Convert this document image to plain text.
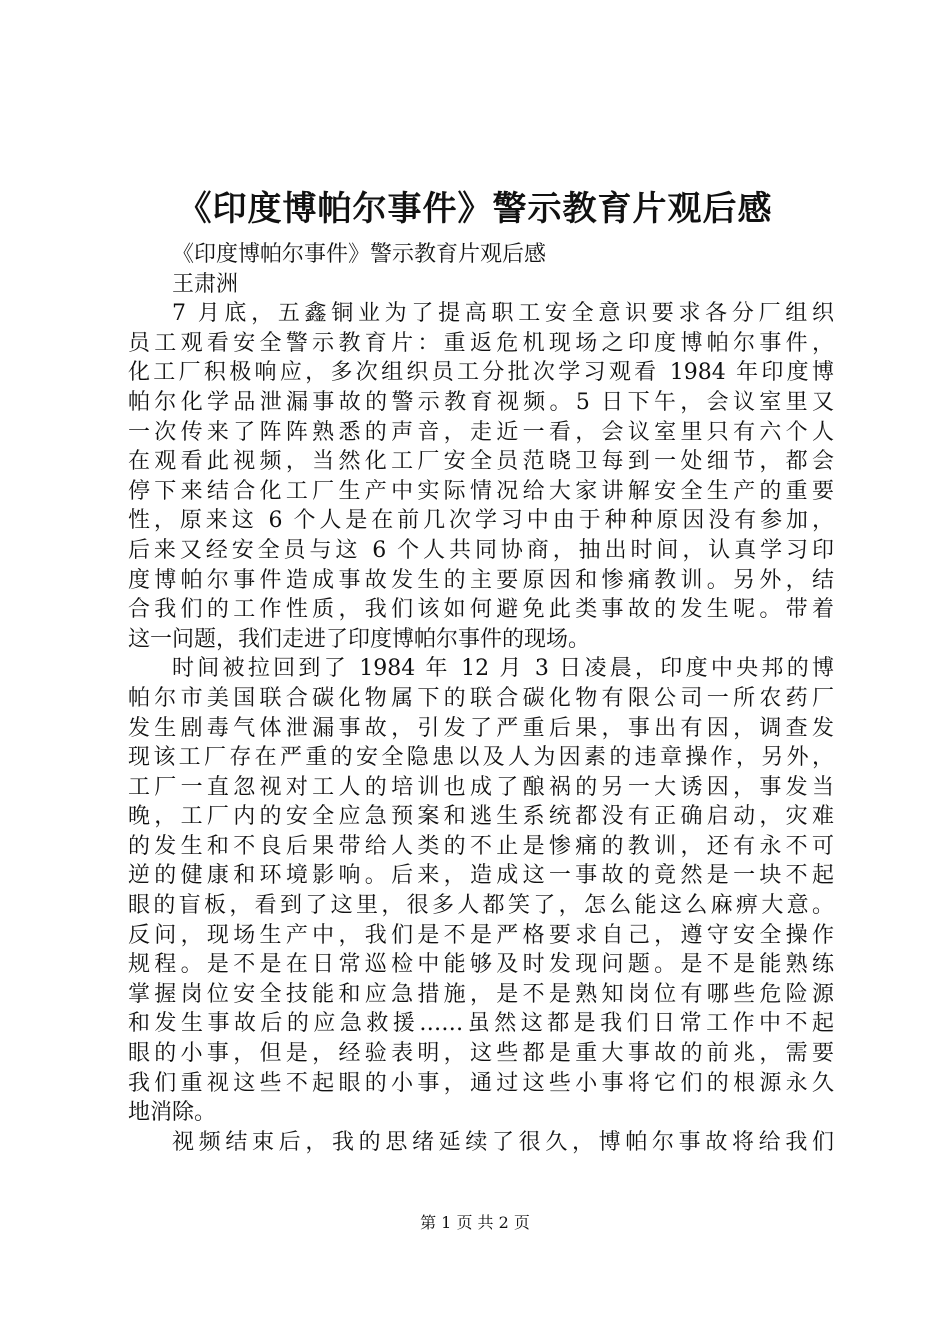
《印度博帕尔事件》警示教育片观后感
《印度博帕尔事件》警示教育片观后感
王肃洲
7 月底，五鑫铜业为了提高职工安全意识要求各分厂组织
员工观看安全警示教育片：重返危机现场之印度博帕尔事件，
化工厂积极响应，多次组织员工分批次学习观看 1984 年印度博
帕尔化学品泄漏事故的警示教育视频。5 日下午，会议室里又
一次传来了阵阵熟悉的声音，走近一看，会议室里只有六个人
在观看此视频，当然化工厂安全员范晓卫每到一处细节，都会
停下来结合化工厂生产中实际情况给大家讲解安全生产的重要
性，原来这 6 个人是在前几次学习中由于种种原因没有参加，
后来又经安全员与这 6 个人共同协商，抽出时间，认真学习印
度博帕尔事件造成事故发生的主要原因和惨痛教训。另外，结
合我们的工作性质，我们该如何避免此类事故的发生呢。带着
这一问题，我们走进了印度博帕尔事件的现场。
时间被拉回到了 1984 年 12 月 3 日凌晨，印度中央邦的博
帕尔市美国联合碳化物属下的联合碳化物有限公司一所农药厂
发生剧毒气体泄漏事故，引发了严重后果，事出有因，调查发
现该工厂存在严重的安全隐患以及人为因素的违章操作，另外，
工厂一直忽视对工人的培训也成了酿祸的另一大诱因，事发当
晚，工厂内的安全应急预案和逃生系统都没有正确启动，灾难
的发生和不良后果带给人类的不止是惨痛的教训，还有永不可
逆的健康和环境影响。后来，造成这一事故的竟然是一块不起
眼的盲板，看到了这里，很多人都笑了，怎么能这么麻痹大意。
反问，现场生产中，我们是不是严格要求自己，遵守安全操作
规程。是不是在日常巡检中能够及时发现问题。是不是能熟练
掌握岗位安全技能和应急措施，是不是熟知岗位有哪些危险源
和发生事故后的应急救援……虽然这都是我们日常工作中不起
眼的小事，但是，经验表明，这些都是重大事故的前兆，需要
我们重视这些不起眼的小事，通过这些小事将它们的根源永久
地消除。
视频结束后，我的思绪延续了很久，博帕尔事故将给我们
第 1 页 共 2 页
